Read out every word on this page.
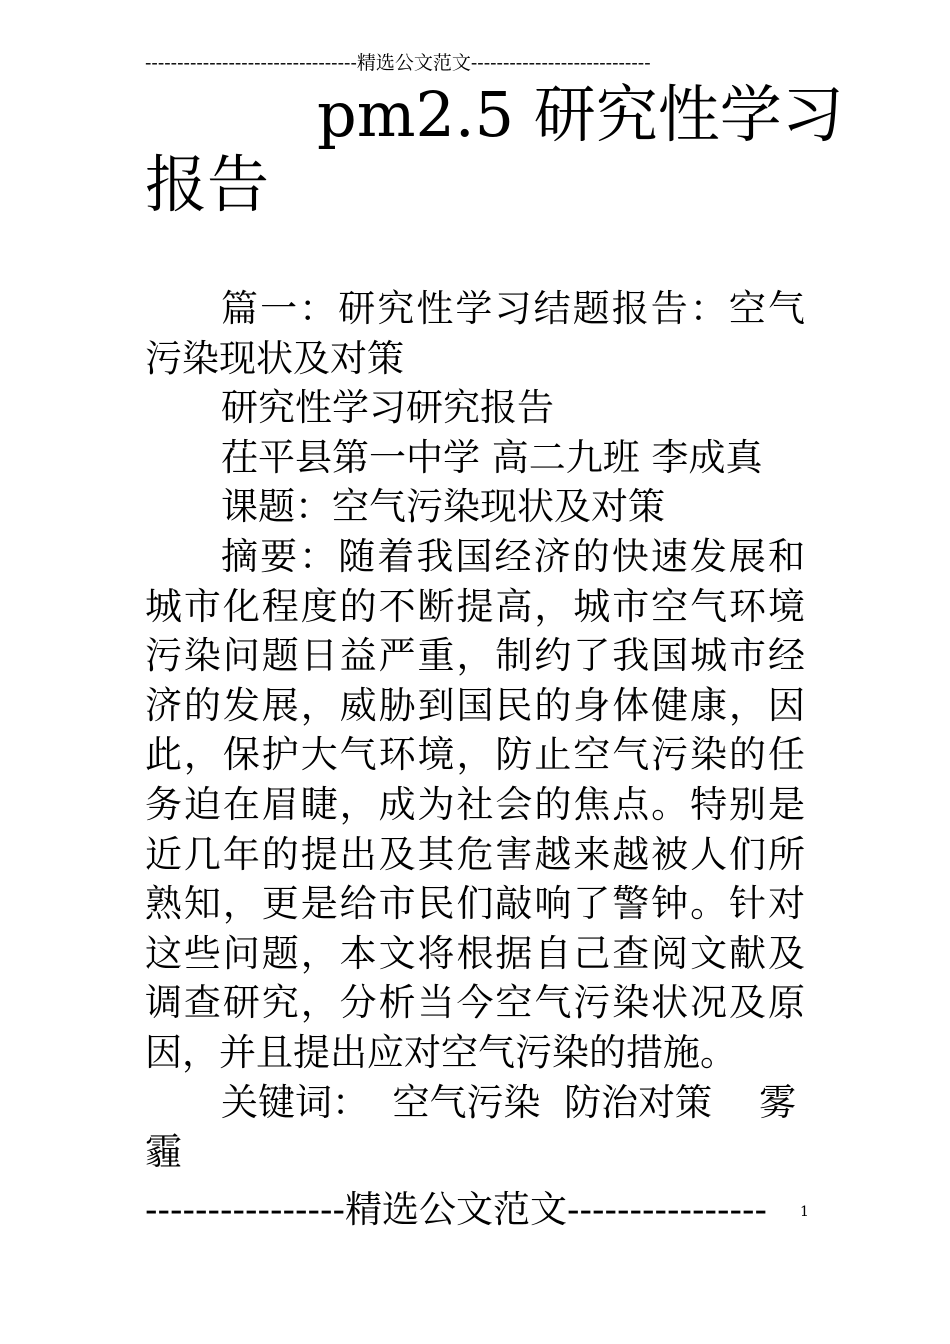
---------------------------------精选公文范文----------------------------
pm2.5 研究性学习
报告

篇一：研究性学习结题报告：空气污染现状及对策

研究性学习研究报告

茌平县第一中学 高二九班 李成真

课题：空气污染现状及对策

摘要：随着我国经济的快速发展和城市化程度的不断提高，城市空气环境污染问题日益严重，制约了我国城市经济的发展，威胁到国民的身体健康，因此，保护大气环境，防止空气污染的任务迫在眉睫，成为社会的焦点。特别是近几年的提出及其危害越来越被人们所熟知，更是给市民们敲响了警钟。针对这些问题，本文将根据自己查阅文献及调查研究，分析当今空气污染状况及原因，并且提出应对空气污染的措施。

关键词： 空气污染 防治对策 雾霾

----------------精选公文范文----------------	1
